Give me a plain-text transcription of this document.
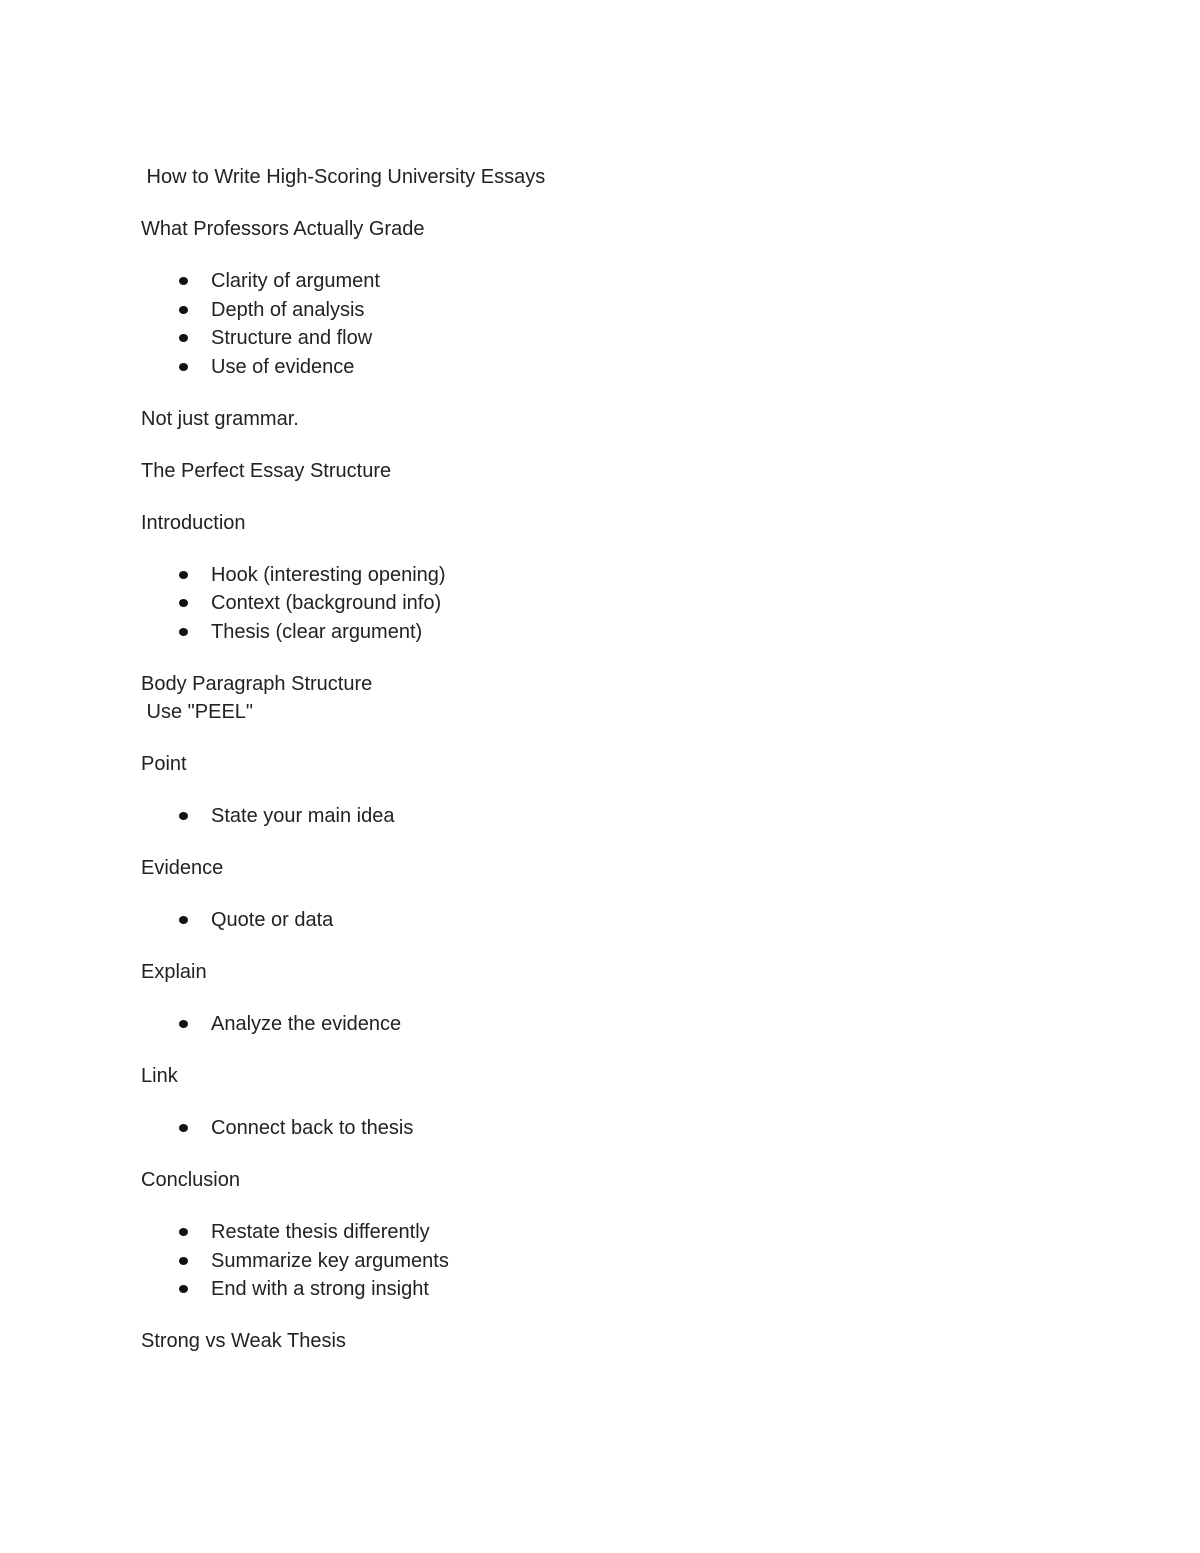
How to Write High-Scoring University Essays

What Professors Actually Grade

Clarity of argument
Depth of analysis
Structure and flow
Use of evidence

Not just grammar.

The Perfect Essay Structure

Introduction

Hook (interesting opening)
Context (background info)
Thesis (clear argument)

Body Paragraph Structure

Use "PEEL"

Point

State your main idea

Evidence

Quote or data

Explain

Analyze the evidence

Link

Connect back to thesis

Conclusion

Restate thesis differently
Summarize key arguments
End with a strong insight

Strong vs Weak Thesis
